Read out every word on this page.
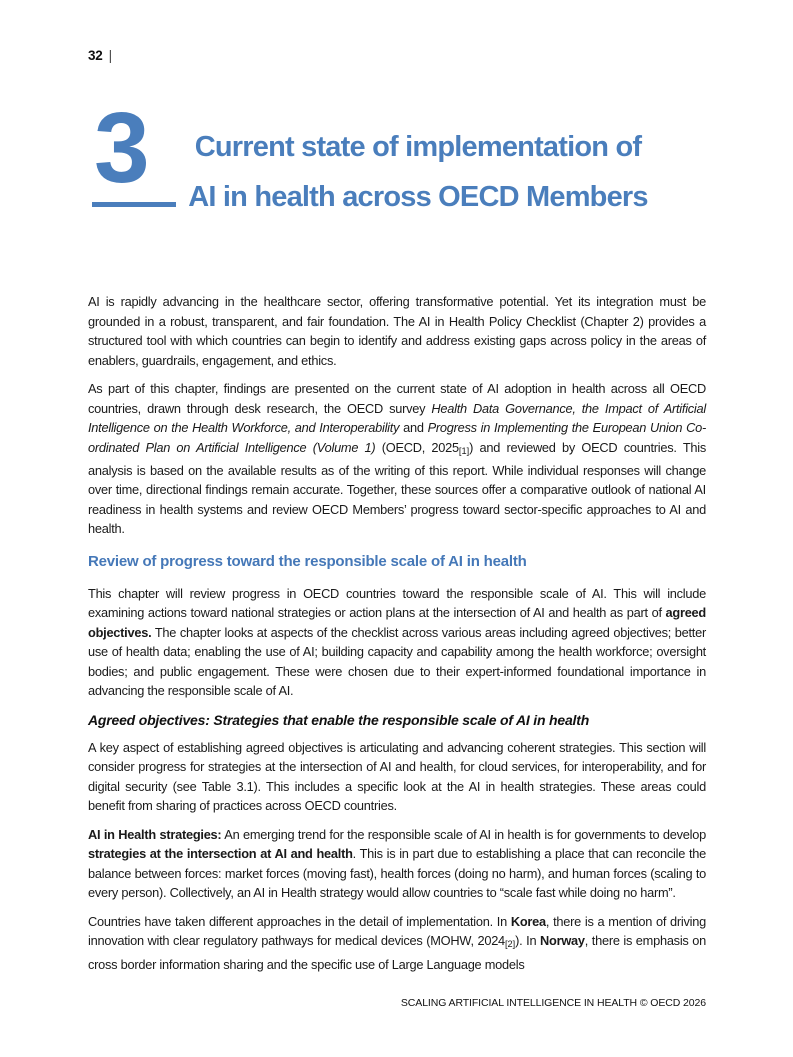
32 |
3	Current state of implementation of
AI in health across OECD Members

AI is rapidly advancing in the healthcare sector, offering transformative potential. Yet its integration must be grounded in a robust, transparent, and fair foundation. The AI in Health Policy Checklist (Chapter 2) provides a structured tool with which countries can begin to identify and address existing gaps across policy in the areas of enablers, guardrails, engagement, and ethics.

As part of this chapter, findings are presented on the current state of AI adoption in health across all OECD countries, drawn through desk research, the OECD survey Health Data Governance, the Impact of Artificial Intelligence on the Health Workforce, and Interoperability and Progress in Implementing the European Union Co-ordinated Plan on Artificial Intelligence (Volume 1) (OECD, 2025[1]) and reviewed by OECD countries. This analysis is based on the available results as of the writing of this report. While individual responses will change over time, directional findings remain accurate. Together, these sources offer a comparative outlook of national AI readiness in health systems and review OECD Members’ progress toward sector-specific approaches to AI and health.

Review of progress toward the responsible scale of AI in health

This chapter will review progress in OECD countries toward the responsible scale of AI. This will include examining actions toward national strategies or action plans at the intersection of AI and health as part of agreed objectives. The chapter looks at aspects of the checklist across various areas including agreed objectives; better use of health data; enabling the use of AI; building capacity and capability among the health workforce; oversight bodies; and public engagement. These were chosen due to their expert-informed foundational importance in advancing the responsible scale of AI.

Agreed objectives: Strategies that enable the responsible scale of AI in health

A key aspect of establishing agreed objectives is articulating and advancing coherent strategies. This section will consider progress for strategies at the intersection of AI and health, for cloud services, for interoperability, and for digital security (see Table 3.1). This includes a specific look at the AI in health strategies. These areas could benefit from sharing of practices across OECD countries.

AI in Health strategies: An emerging trend for the responsible scale of AI in health is for governments to develop strategies at the intersection at AI and health. This is in part due to establishing a place that can reconcile the balance between forces: market forces (moving fast), health forces (doing no harm), and human forces (scaling to every person). Collectively, an AI in Health strategy would allow countries to “scale fast while doing no harm”.

Countries have taken different approaches in the detail of implementation. In Korea, there is a mention of driving innovation with clear regulatory pathways for medical devices (MOHW, 2024[2]). In Norway, there is emphasis on cross border information sharing and the specific use of Large Language models

SCALING ARTIFICIAL INTELLIGENCE IN HEALTH © OECD 2026
